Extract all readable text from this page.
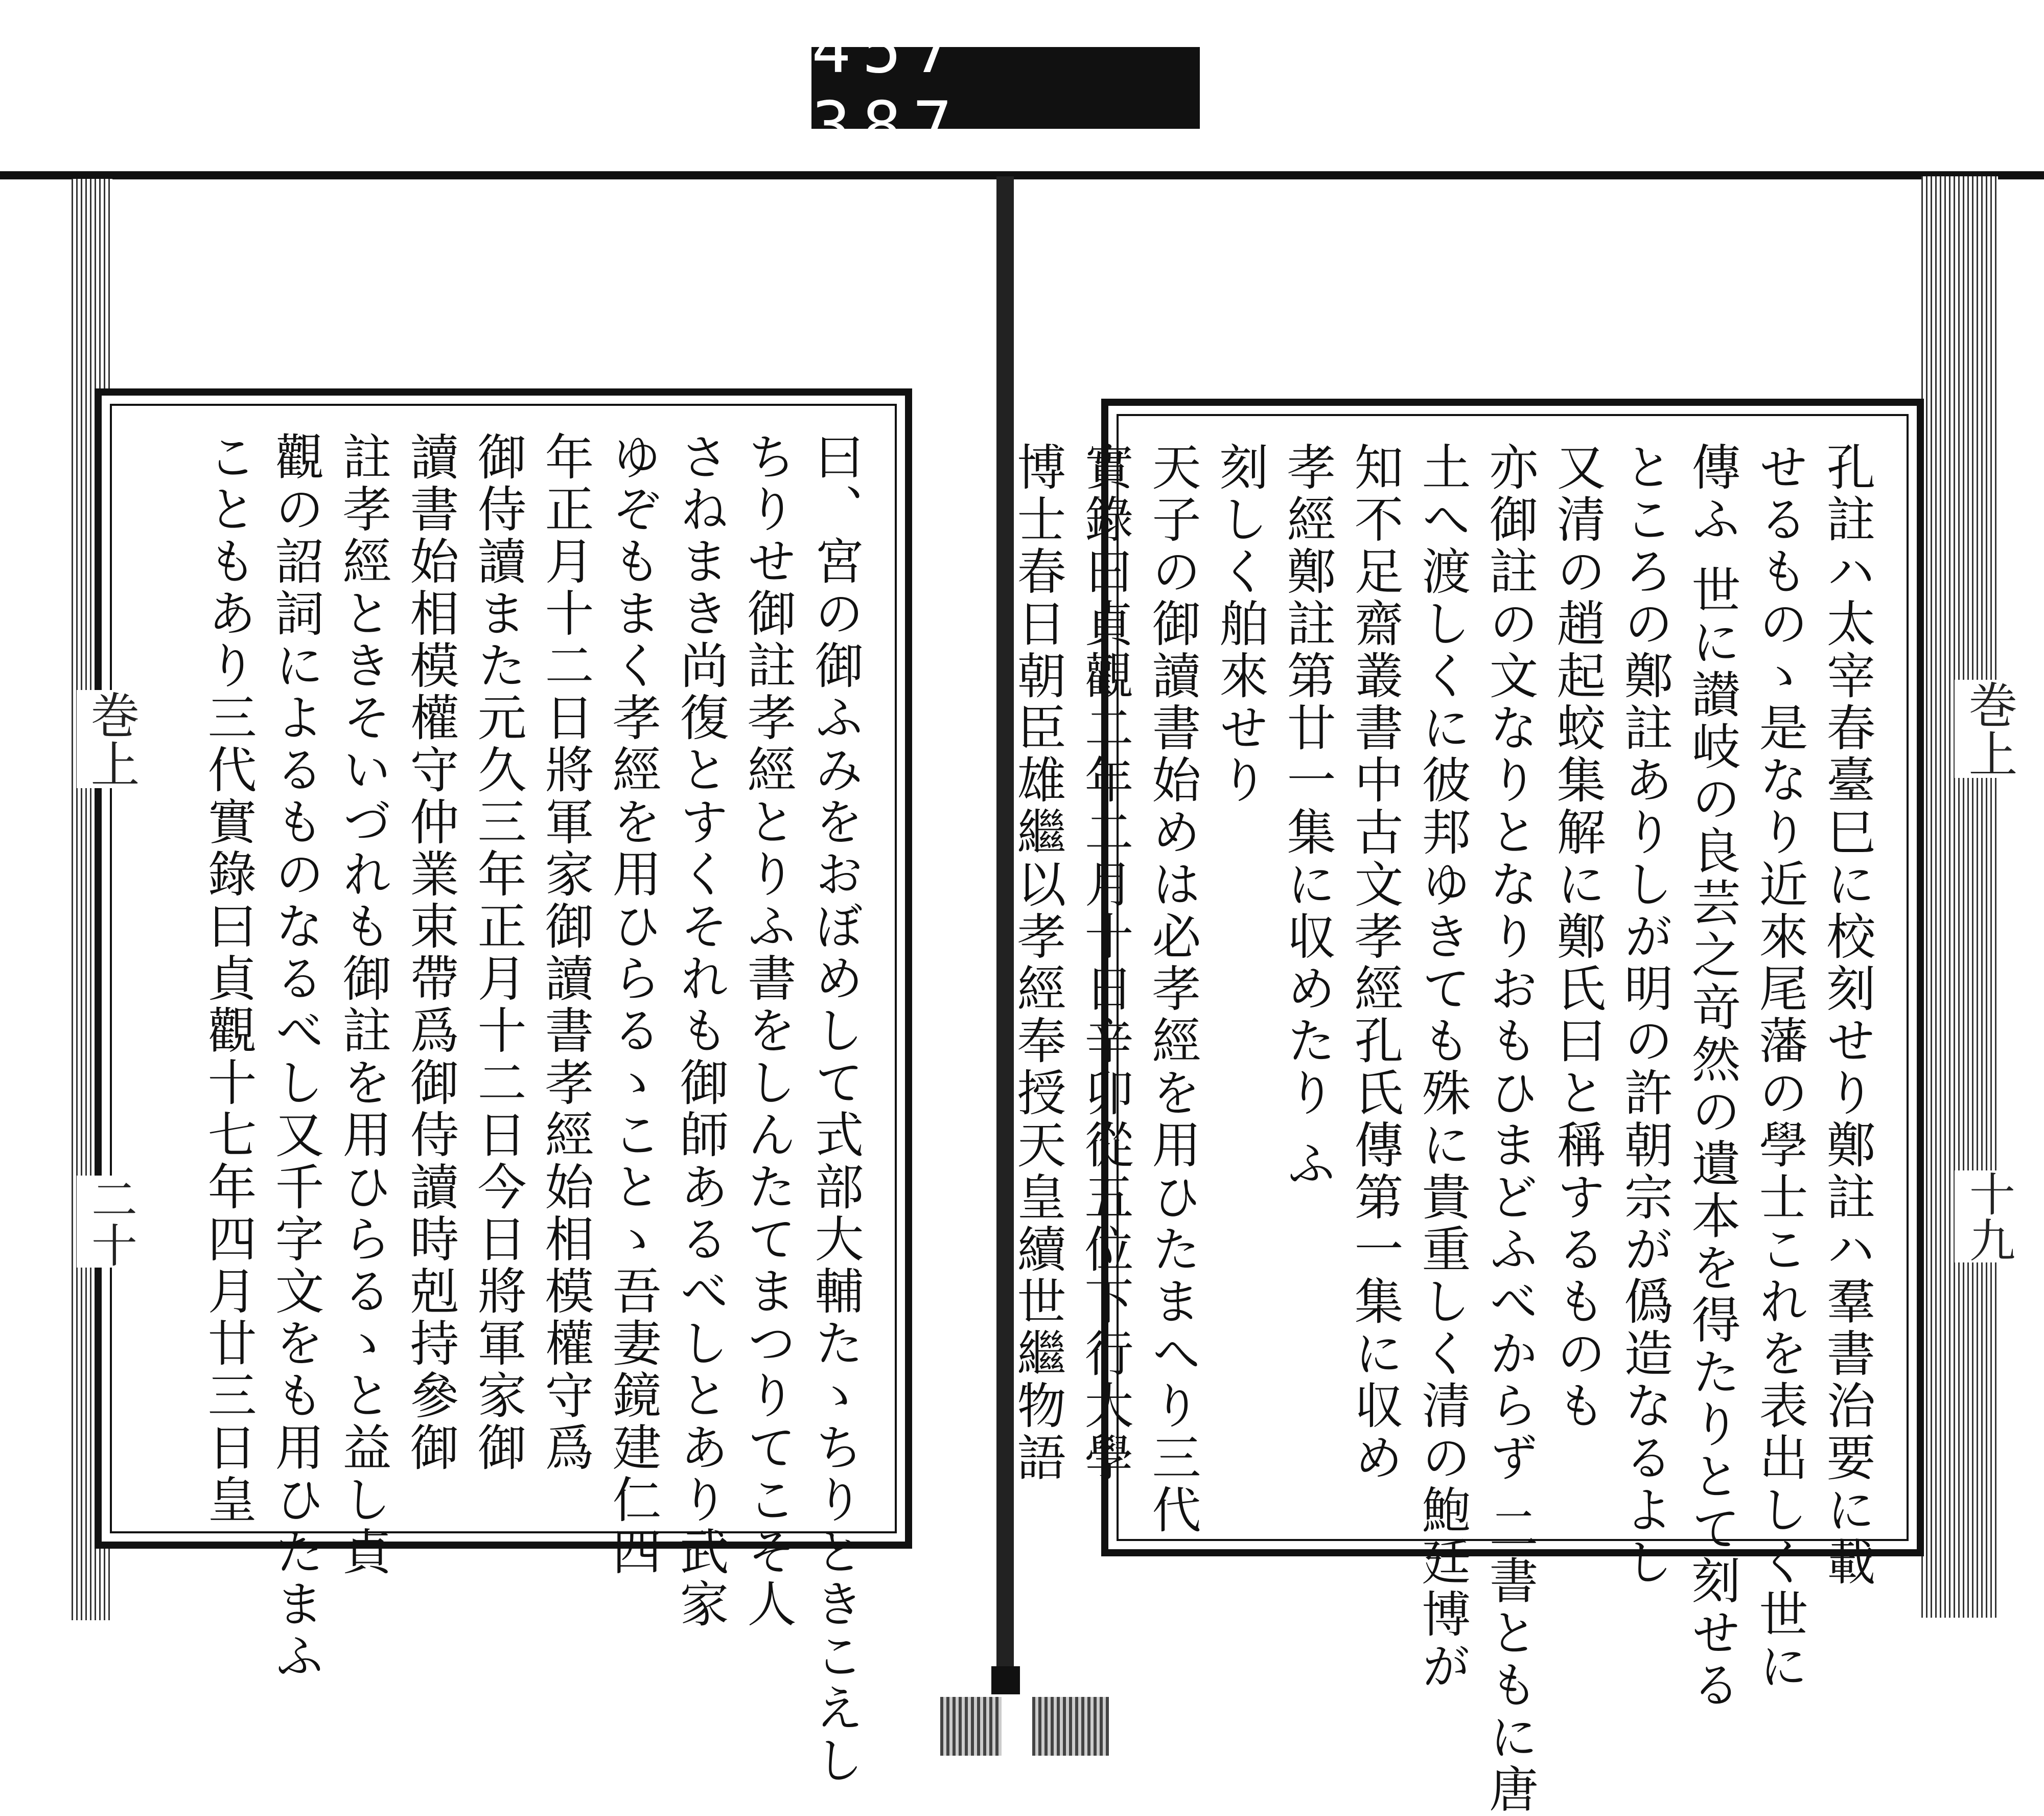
457 387.
曰、宮の御ふみをおぼめして式部大輔たゝちりときこえし
ちりせ御註孝經とりふ書をしんたてまつりてこそ人
さねまき尚復とすくそれも御師あるべしとあり武家
ゆぞもまく孝經を用ひらるゝことゝ吾妻鏡建仁四
年正月十二日將軍家御讀書孝經始相模權守爲
御侍讀また元久三年正月十二日今日將軍家御
讀書始相模權守仲業束帶爲御侍讀時剋持參御
註孝經ときそいづれも御註を用ひらるゝと益し貞
觀の詔詞によるものなるべし又千字文をも用ひたまふ
こともあり三代實錄曰貞觀十七年四月廿三日皇	孔註ハ太宰春臺巳に校刻せり鄭註ハ羣書治要に載
せるものゝ是なり近來尾藩の學士これを表出しく世に
傳ふ 世に讃岐の良芸之竒然の遺本を得たりとて刻せる
ところの鄭註ありしが明の許朝宗が僞造なるよし
又清の趙起蛟集解に鄭氏曰と稱するものも
亦御註の文なりとなりおもひまどふべからず 二書ともに唐
土へ渡しくに彼邦ゆきても殊に貴重しく清の鮑廷博が
知不足齋叢書中古文孝經孔氏傳第一集に収め
孝經鄭註第廿一集に収めたり ふ
刻しく舶來せり
天子の御讀書始めは必孝經を用ひたまへり三代
實錄曰貞觀二年二月十日辛卯從五位下行大學
博士春日朝臣雄繼以孝經奉授天皇續世繼物語
巻上
二十
巻上
十九
